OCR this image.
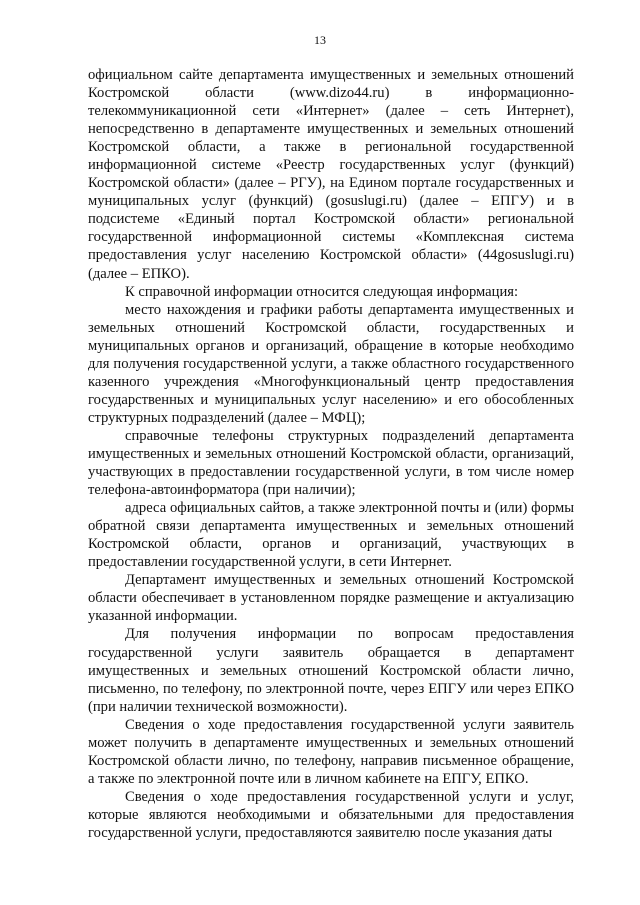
13

официальном сайте департамента имущественных и земельных отношений Костромской области (www.dizo44.ru) в информационно-телекоммуникационной сети «Интернет» (далее – сеть Интернет), непосредственно в департаменте имущественных и земельных отношений Костромской области, а также в региональной государственной информационной системе «Реестр государственных услуг (функций) Костромской области» (далее – РГУ), на Едином портале государственных и муниципальных услуг (функций) (gosuslugi.ru) (далее – ЕПГУ) и в подсистеме «Единый портал Костромской области» региональной государственной информационной системы «Комплексная система предоставления услуг населению Костромской области» (44gosuslugi.ru) (далее – ЕПКО).

К справочной информации относится следующая информация:

место нахождения и графики работы департамента имущественных и земельных отношений Костромской области, государственных и муниципальных органов и организаций, обращение в которые необходимо для получения государственной услуги, а также областного государственного казенного учреждения «Многофункциональный центр предоставления государственных и муниципальных услуг населению» и его обособленных структурных подразделений (далее – МФЦ);

справочные телефоны структурных подразделений департамента имущественных и земельных отношений Костромской области, организаций, участвующих в предоставлении государственной услуги, в том числе номер телефона-автоинформатора (при наличии);

адреса официальных сайтов, а также электронной почты и (или) формы обратной связи департамента имущественных и земельных отношений Костромской области, органов и организаций, участвующих в предоставлении государственной услуги, в сети Интернет.

Департамент имущественных и земельных отношений Костромской области обеспечивает в установленном порядке размещение и актуализацию указанной информации.

Для получения информации по вопросам предоставления государственной услуги заявитель обращается в департамент имущественных и земельных отношений Костромской области лично, письменно, по телефону, по электронной почте, через ЕПГУ или через ЕПКО (при наличии технической возможности).

Сведения о ходе предоставления государственной услуги заявитель может получить в департаменте имущественных и земельных отношений Костромской области лично, по телефону, направив письменное обращение, а также по электронной почте или в личном кабинете на ЕПГУ, ЕПКО.

Сведения о ходе предоставления государственной услуги и услуг, которые являются необходимыми и обязательными для предоставления государственной услуги, предоставляются заявителю после указания даты
